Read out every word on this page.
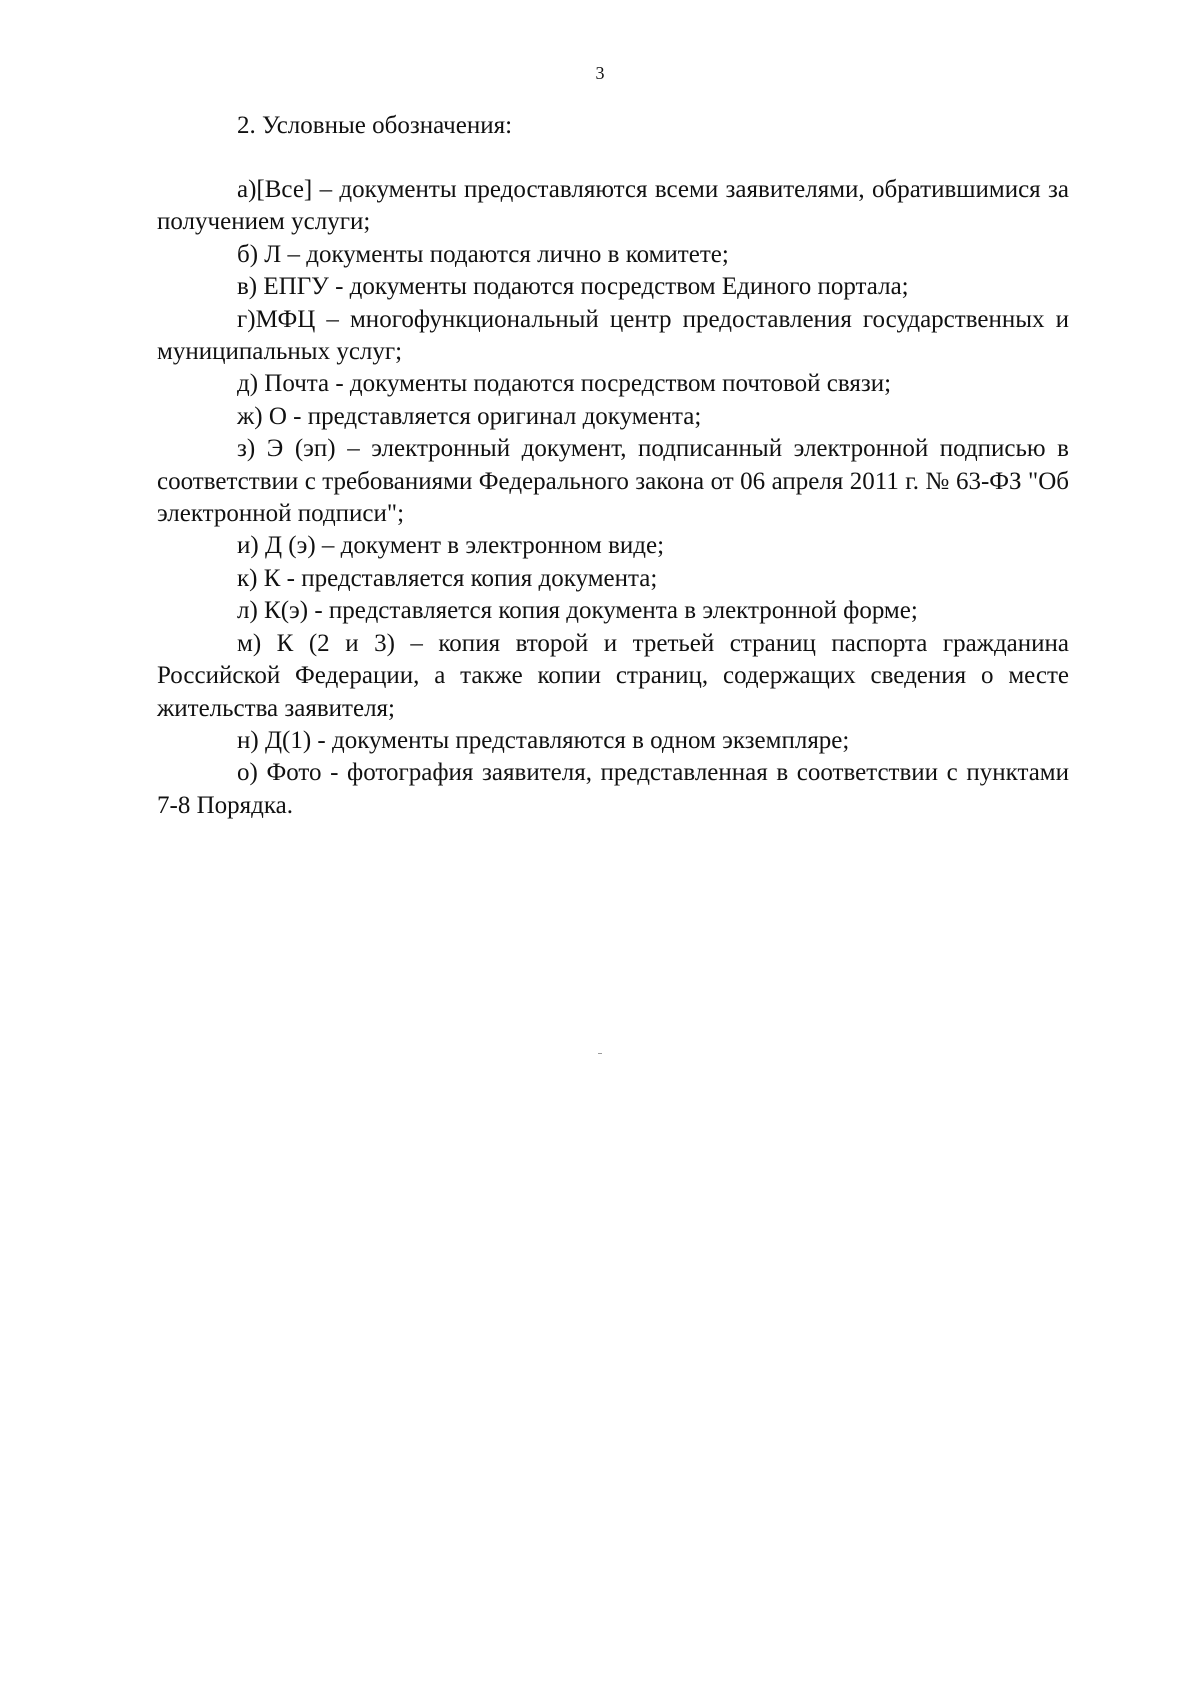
3
2. Условные обозначения:

а)[Все] – документы предоставляются всеми заявителями, обратившимися за получением услуги;

б) Л – документы подаются лично в комитете;

в) ЕПГУ - документы подаются посредством Единого портала;

г)МФЦ – многофункциональный центр предоставления государственных и муниципальных услуг;

д) Почта - документы подаются посредством почтовой связи;

ж) О - представляется оригинал документа;

з) Э (эп) – электронный документ, подписанный электронной подписью в соответствии с требованиями Федерального закона от 06 апреля 2011 г. № 63-ФЗ "Об электронной подписи";

и) Д (э) – документ в электронном виде;

к) К - представляется копия документа;

л) К(э) - представляется копия документа в электронной форме;

м) К (2 и 3) – копия второй и третьей страниц паспорта гражданина Российской Федерации, а также копии страниц, содержащих сведения о месте жительства заявителя;

н) Д(1) - документы представляются в одном экземпляре;

о) Фото - фотография заявителя, представленная в соответствии с пунктами 7-8 Порядка.
